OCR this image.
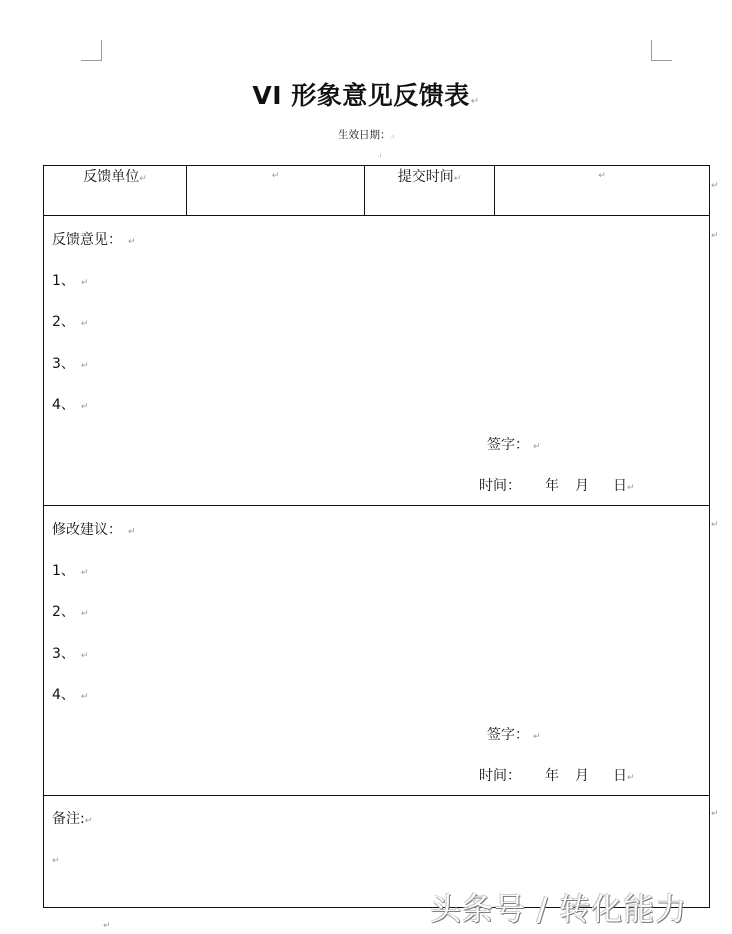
VI 形象意见反馈表↵
生效日期：.ı
.ı
反馈单位↵	↵	提交时间↵	↵

反馈意见： ↵
1、 ↵
2、 ↵
3、 ↵
4、 ↵
签字： ↵
时间： 年 月 日↵

修改建议： ↵
1、 ↵
2、 ↵
3、 ↵
4、 ↵
签字： ↵
时间： 年 月 日↵

备注:↵
↵
↵
↵
↵
↵
↵	头条号 / 转化能力
